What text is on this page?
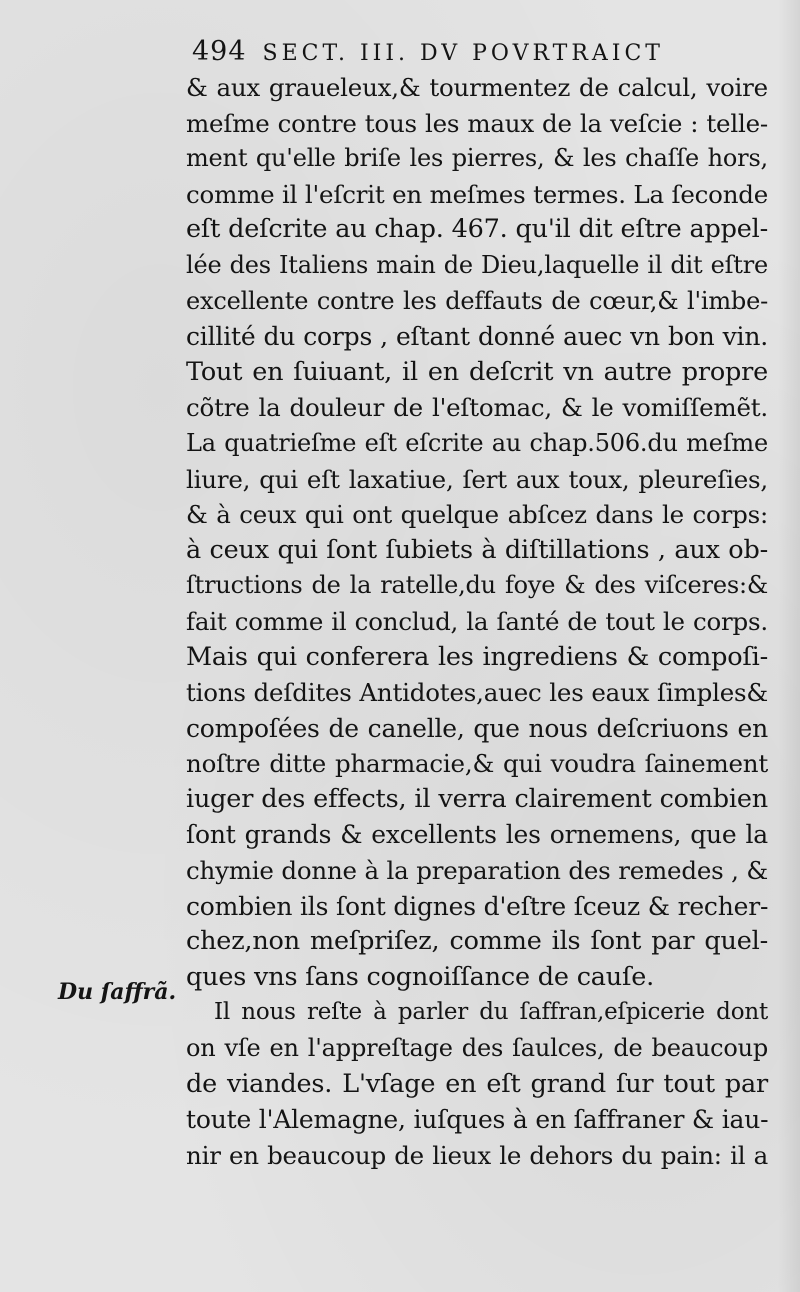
494 SECT. III. DV POVRTRAICT
Du ſaffrã.
& aux graueleux,& tourmentez de calcul, voire
meſme contre tous les maux de la veſcie : telle-
ment qu'elle briſe les pierres, & les chaſſe hors,
comme il l'eſcrit en meſmes termes. La ſeconde
eſt deſcrite au chap. 467. qu'il dit eſtre appel-
lée des Italiens main de Dieu,laquelle il dit eſtre
excellente contre les deffauts de cœur,& l'imbe-
cillité du corps , eſtant donné auec vn bon vin.
Tout en ſuiuant, il en deſcrit vn autre propre
cõtre la douleur de l'eſtomac, & le vomiſſemẽt.
La quatrieſme eſt eſcrite au chap.506.du meſme
liure, qui eſt laxatiue, ſert aux toux, pleureſies,
& à ceux qui ont quelque abſcez dans le corps:
à ceux qui ſont ſubiets à diſtillations , aux ob-
ſtructions de la ratelle,du foye & des viſceres:&
fait comme il conclud, la ſanté de tout le corps.
Mais qui conferera les ingrediens & compoſi-
tions deſdites Antidotes,auec les eaux ſimples&
compoſées de canelle, que nous deſcriuons en
noſtre ditte pharmacie,& qui voudra ſainement
iuger des effects, il verra clairement combien
ſont grands & excellents les ornemens, que la
chymie donne à la preparation des remedes , &
combien ils ſont dignes d'eſtre ſceuz & recher-
chez,non meſpriſez, comme ils ſont par quel-
ques vns ſans cognoiſſance de cauſe.
Il nous reſte à parler du ſaffran,eſpicerie dont
on vſe en l'appreſtage des ſaulces, de beaucoup
de viandes. L'vſage en eſt grand ſur tout par
toute l'Alemagne, iuſques à en ſaffraner & iau-
nir en beaucoup de lieux le dehors du pain: il a
